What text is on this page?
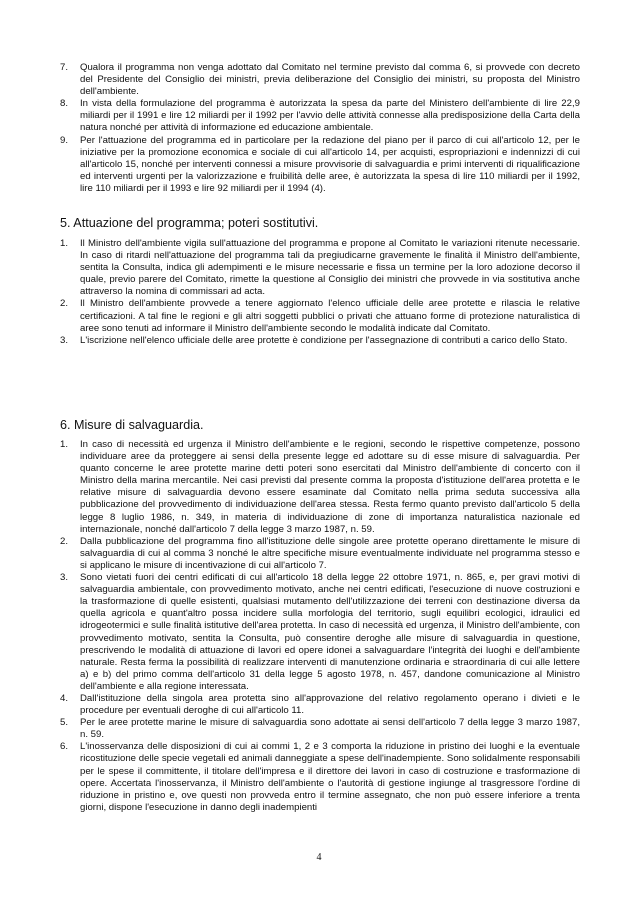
7.	Qualora il programma non venga adottato dal Comitato nel termine previsto dal comma 6, si provvede con decreto del Presidente del Consiglio dei ministri, previa deliberazione del Consiglio dei ministri, su proposta del Ministro dell'ambiente.
8.	In vista della formulazione del programma è autorizzata la spesa da parte del Ministero dell'ambiente di lire 22,9 miliardi per il 1991 e lire 12 miliardi per il 1992 per l'avvio delle attività connesse alla predisposizione della Carta della natura nonché per attività di informazione ed educazione ambientale.
9.	Per l'attuazione del programma ed in particolare per la redazione del piano per il parco di cui all'articolo 12, per le iniziative per la promozione economica e sociale di cui all'articolo 14, per acquisti, espropriazioni e indennizzi di cui all'articolo 15, nonché per interventi connessi a misure provvisorie di salvaguardia e primi interventi di riqualificazione ed interventi urgenti per la valorizzazione e fruibilità delle aree, è autorizzata la spesa di lire 110 miliardi per il 1992, lire 110 miliardi per il 1993 e lire 92 miliardi per il 1994 (4).
5. Attuazione del programma; poteri sostitutivi.
1.	Il Ministro dell'ambiente vigila sull'attuazione del programma e propone al Comitato le variazioni ritenute necessarie. In caso di ritardi nell'attuazione del programma tali da pregiudicarne gravemente le finalità il Ministro dell'ambiente, sentita la Consulta, indica gli adempimenti e le misure necessarie e fissa un termine per la loro adozione decorso il quale, previo parere del Comitato, rimette la questione al Consiglio dei ministri che provvede in via sostitutiva anche attraverso la nomina di commissari ad acta.
2.	Il Ministro dell'ambiente provvede a tenere aggiornato l'elenco ufficiale delle aree protette e rilascia le relative certificazioni. A tal fine le regioni e gli altri soggetti pubblici o privati che attuano forme di protezione naturalistica di aree sono tenuti ad informare il Ministro dell'ambiente secondo le modalità indicate dal Comitato.
3.	L'iscrizione nell'elenco ufficiale delle aree protette è condizione per l'assegnazione di contributi a carico dello Stato.
6. Misure di salvaguardia.
1.	In caso di necessità ed urgenza il Ministro dell'ambiente e le regioni, secondo le rispettive competenze, possono individuare aree da proteggere ai sensi della presente legge ed adottare su di esse misure di salvaguardia. Per quanto concerne le aree protette marine detti poteri sono esercitati dal Ministro dell'ambiente di concerto con il Ministro della marina mercantile. Nei casi previsti dal presente comma la proposta d'istituzione dell'area protetta e le relative misure di salvaguardia devono essere esaminate dal Comitato nella prima seduta successiva alla pubblicazione del provvedimento di individuazione dell'area stessa. Resta fermo quanto previsto dall'articolo 5 della legge 8 luglio 1986, n. 349, in materia di individuazione di zone di importanza naturalistica nazionale ed internazionale, nonché dall'articolo 7 della legge 3 marzo 1987, n. 59.
2.	Dalla pubblicazione del programma fino all'istituzione delle singole aree protette operano direttamente le misure di salvaguardia di cui al comma 3 nonché le altre specifiche misure eventualmente individuate nel programma stesso e si applicano le misure di incentivazione di cui all'articolo 7.
3.	Sono vietati fuori dei centri edificati di cui all'articolo 18 della legge 22 ottobre 1971, n. 865, e, per gravi motivi di salvaguardia ambientale, con provvedimento motivato, anche nei centri edificati, l'esecuzione di nuove costruzioni e la trasformazione di quelle esistenti, qualsiasi mutamento dell'utilizzazione dei terreni con destinazione diversa da quella agricola e quant'altro possa incidere sulla morfologia del territorio, sugli equilibri ecologici, idraulici ed idrogeotermici e sulle finalità istitutive dell'area protetta. In caso di necessità ed urgenza, il Ministro dell'ambiente, con provvedimento motivato, sentita la Consulta, può consentire deroghe alle misure di salvaguardia in questione, prescrivendo le modalità di attuazione di lavori ed opere idonei a salvaguardare l'integrità dei luoghi e dell'ambiente naturale. Resta ferma la possibilità di realizzare interventi di manutenzione ordinaria e straordinaria di cui alle lettere a) e b) del primo comma dell'articolo 31 della legge 5 agosto 1978, n. 457, dandone comunicazione al Ministro dell'ambiente e alla regione interessata.
4.	Dall'istituzione della singola area protetta sino all'approvazione del relativo regolamento operano i divieti e le procedure per eventuali deroghe di cui all'articolo 11.
5.	Per le aree protette marine le misure di salvaguardia sono adottate ai sensi dell'articolo 7 della legge 3 marzo 1987, n. 59.
6.	L'inosservanza delle disposizioni di cui ai commi 1, 2 e 3 comporta la riduzione in pristino dei luoghi e la eventuale ricostituzione delle specie vegetali ed animali danneggiate a spese dell'inadempiente. Sono solidalmente responsabili per le spese il committente, il titolare dell'impresa e il direttore dei lavori in caso di costruzione e trasformazione di opere. Accertata l'inosservanza, il Ministro dell'ambiente o l'autorità di gestione ingiunge al trasgressore l'ordine di riduzione in pristino e, ove questi non provveda entro il termine assegnato, che non può essere inferiore a trenta giorni, dispone l'esecuzione in danno degli inadempienti
4
